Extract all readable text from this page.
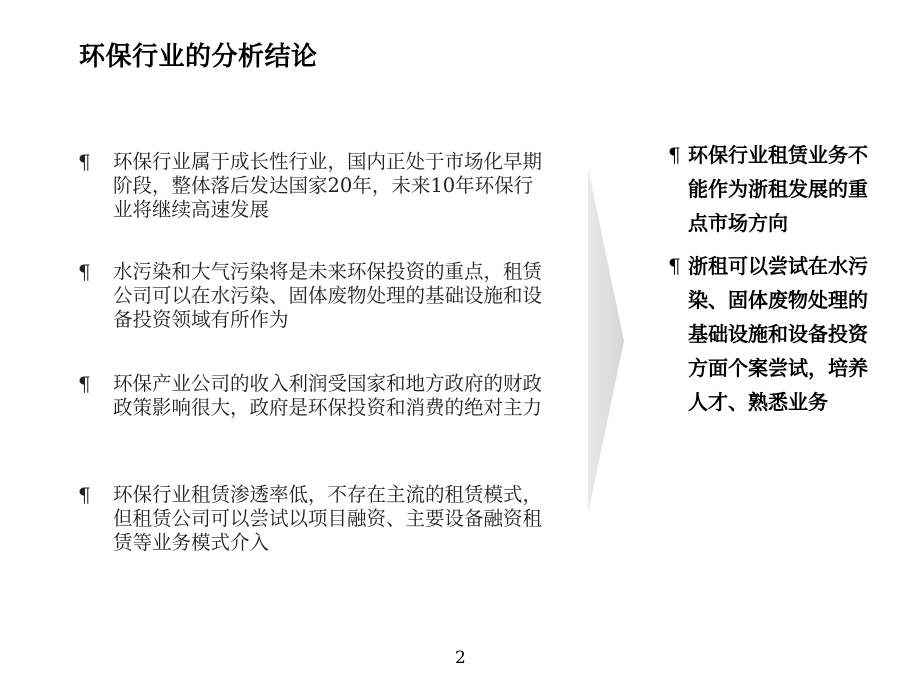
环保行业的分析结论
¶ 环保行业属于成长性行业，国内正处于市场化早期阶段，整体落后发达国家20年，未来10年环保行业将继续高速发展
¶ 水污染和大气污染将是未来环保投资的重点，租赁公司可以在水污染、固体废物处理的基础设施和设备投资领域有所作为
¶ 环保产业公司的收入利润受国家和地方政府的财政政策影响很大，政府是环保投资和消费的绝对主力
¶ 环保行业租赁渗透率低，不存在主流的租赁模式，但租赁公司可以尝试以项目融资、主要设备融资租赁等业务模式介入
¶ 环保行业租赁业务不能作为浙租发展的重点市场方向
¶ 浙租可以尝试在水污染、固体废物处理的基础设施和设备投资方面个案尝试，培养人才、熟悉业务
2
